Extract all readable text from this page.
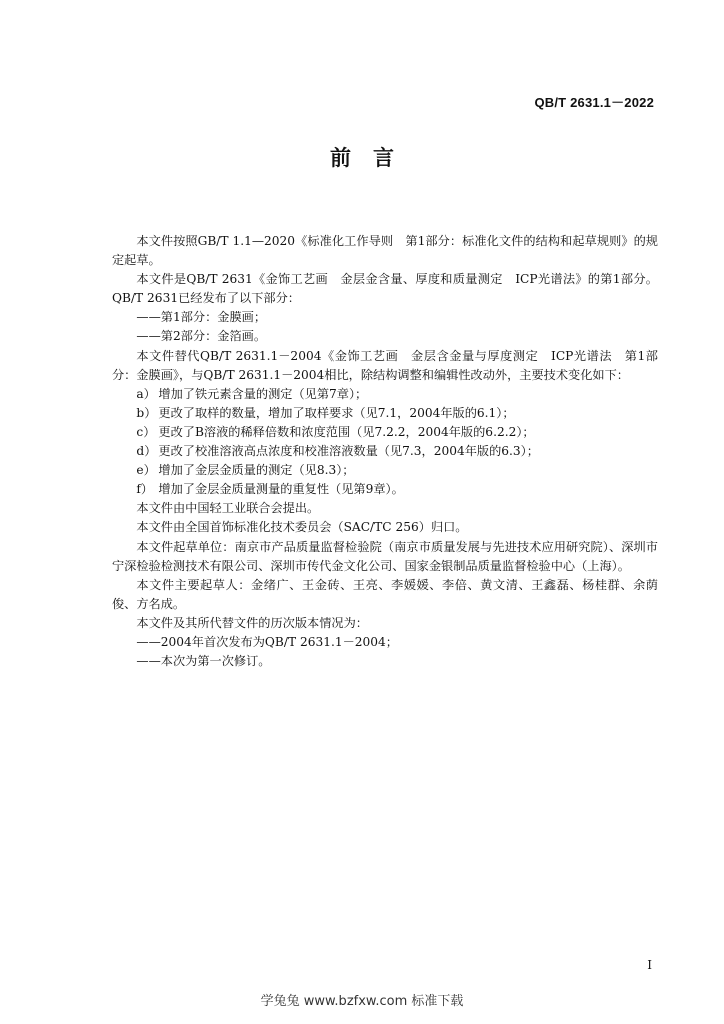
QB/T 2631.1－2022
前言

本文件按照GB/T 1.1—2020《标准化工作导则　第1部分：标准化文件的结构和起草规则》的规定起草。

本文件是QB/T 2631《金饰工艺画　金层金含量、厚度和质量测定　ICP光谱法》的第1部分。QB/T 2631已经发布了以下部分：

——第1部分：金膜画；

——第2部分：金箔画。

本文件替代QB/T 2631.1－2004《金饰工艺画　金层含金量与厚度测定　ICP光谱法　第1部分：金膜画》，与QB/T 2631.1－2004相比，除结构调整和编辑性改动外，主要技术变化如下：

a） 增加了铁元素含量的测定（见第7章）；

b） 更改了取样的数量，增加了取样要求（见7.1，2004年版的6.1）；

c） 更改了B溶液的稀释倍数和浓度范围（见7.2.2，2004年版的6.2.2）；

d） 更改了校准溶液高点浓度和校准溶液数量（见7.3，2004年版的6.3）；

e） 增加了金层金质量的测定（见8.3）；

f） 增加了金层金质量测量的重复性（见第9章）。

本文件由中国轻工业联合会提出。

本文件由全国首饰标准化技术委员会（SAC/TC 256）归口。

本文件起草单位：南京市产品质量监督检验院（南京市质量发展与先进技术应用研究院）、深圳市宁深检验检测技术有限公司、深圳市传代金文化公司、国家金银制品质量监督检验中心（上海）。

本文件主要起草人：金绪广、王金砖、王亮、李媛媛、李倍、黄文清、王鑫磊、杨桂群、余荫俊、方名成。

本文件及其所代替文件的历次版本情况为：

——2004年首次发布为QB/T 2631.1－2004；

——本次为第一次修订。

I
学兔兔 www.bzfxw.com 标准下载
